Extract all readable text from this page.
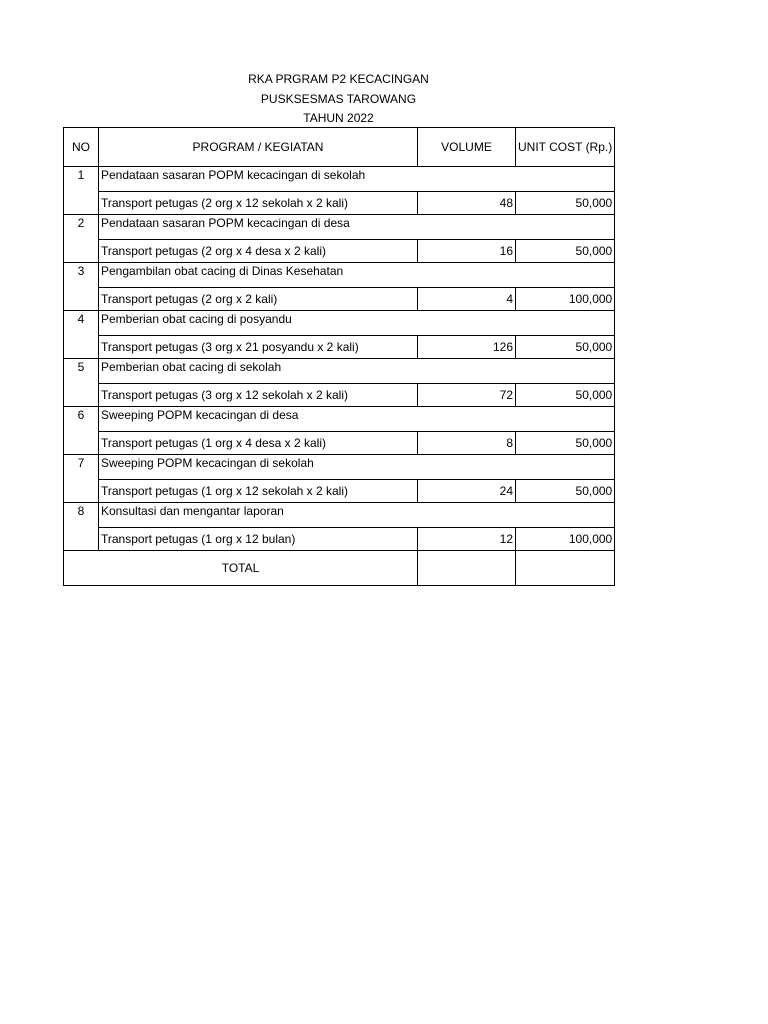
RKA PRGRAM P2 KECACINGAN
PUSKSESMAS TAROWANG
TAHUN 2022
NO	PROGRAM / KEGIATAN	VOLUME	UNIT COST (Rp.)
1	Pendataan sasaran POPM kecacingan di sekolah		
	Transport petugas (2 org x 12 sekolah x 2 kali)	48	50,000
2	Pendataan sasaran POPM kecacingan di desa		
	Transport petugas (2 org x 4 desa x 2 kali)	16	50,000
3	Pengambilan obat cacing di Dinas Kesehatan		
	Transport petugas (2 org x 2 kali)	4	100,000
4	Pemberian obat cacing di posyandu		
	Transport petugas (3 org x 21 posyandu x 2 kali)	126	50,000
5	Pemberian obat cacing di sekolah		
	Transport petugas (3 org x 12 sekolah x 2 kali)	72	50,000
6	Sweeping POPM kecacingan di desa		
	Transport petugas (1 org x 4 desa x 2 kali)	8	50,000
7	Sweeping POPM kecacingan di sekolah		
	Transport petugas (1 org x 12 sekolah x 2 kali)	24	50,000
8	Konsultasi dan mengantar laporan		
	Transport petugas (1 org x 12 bulan)	12	100,000
TOTAL			
